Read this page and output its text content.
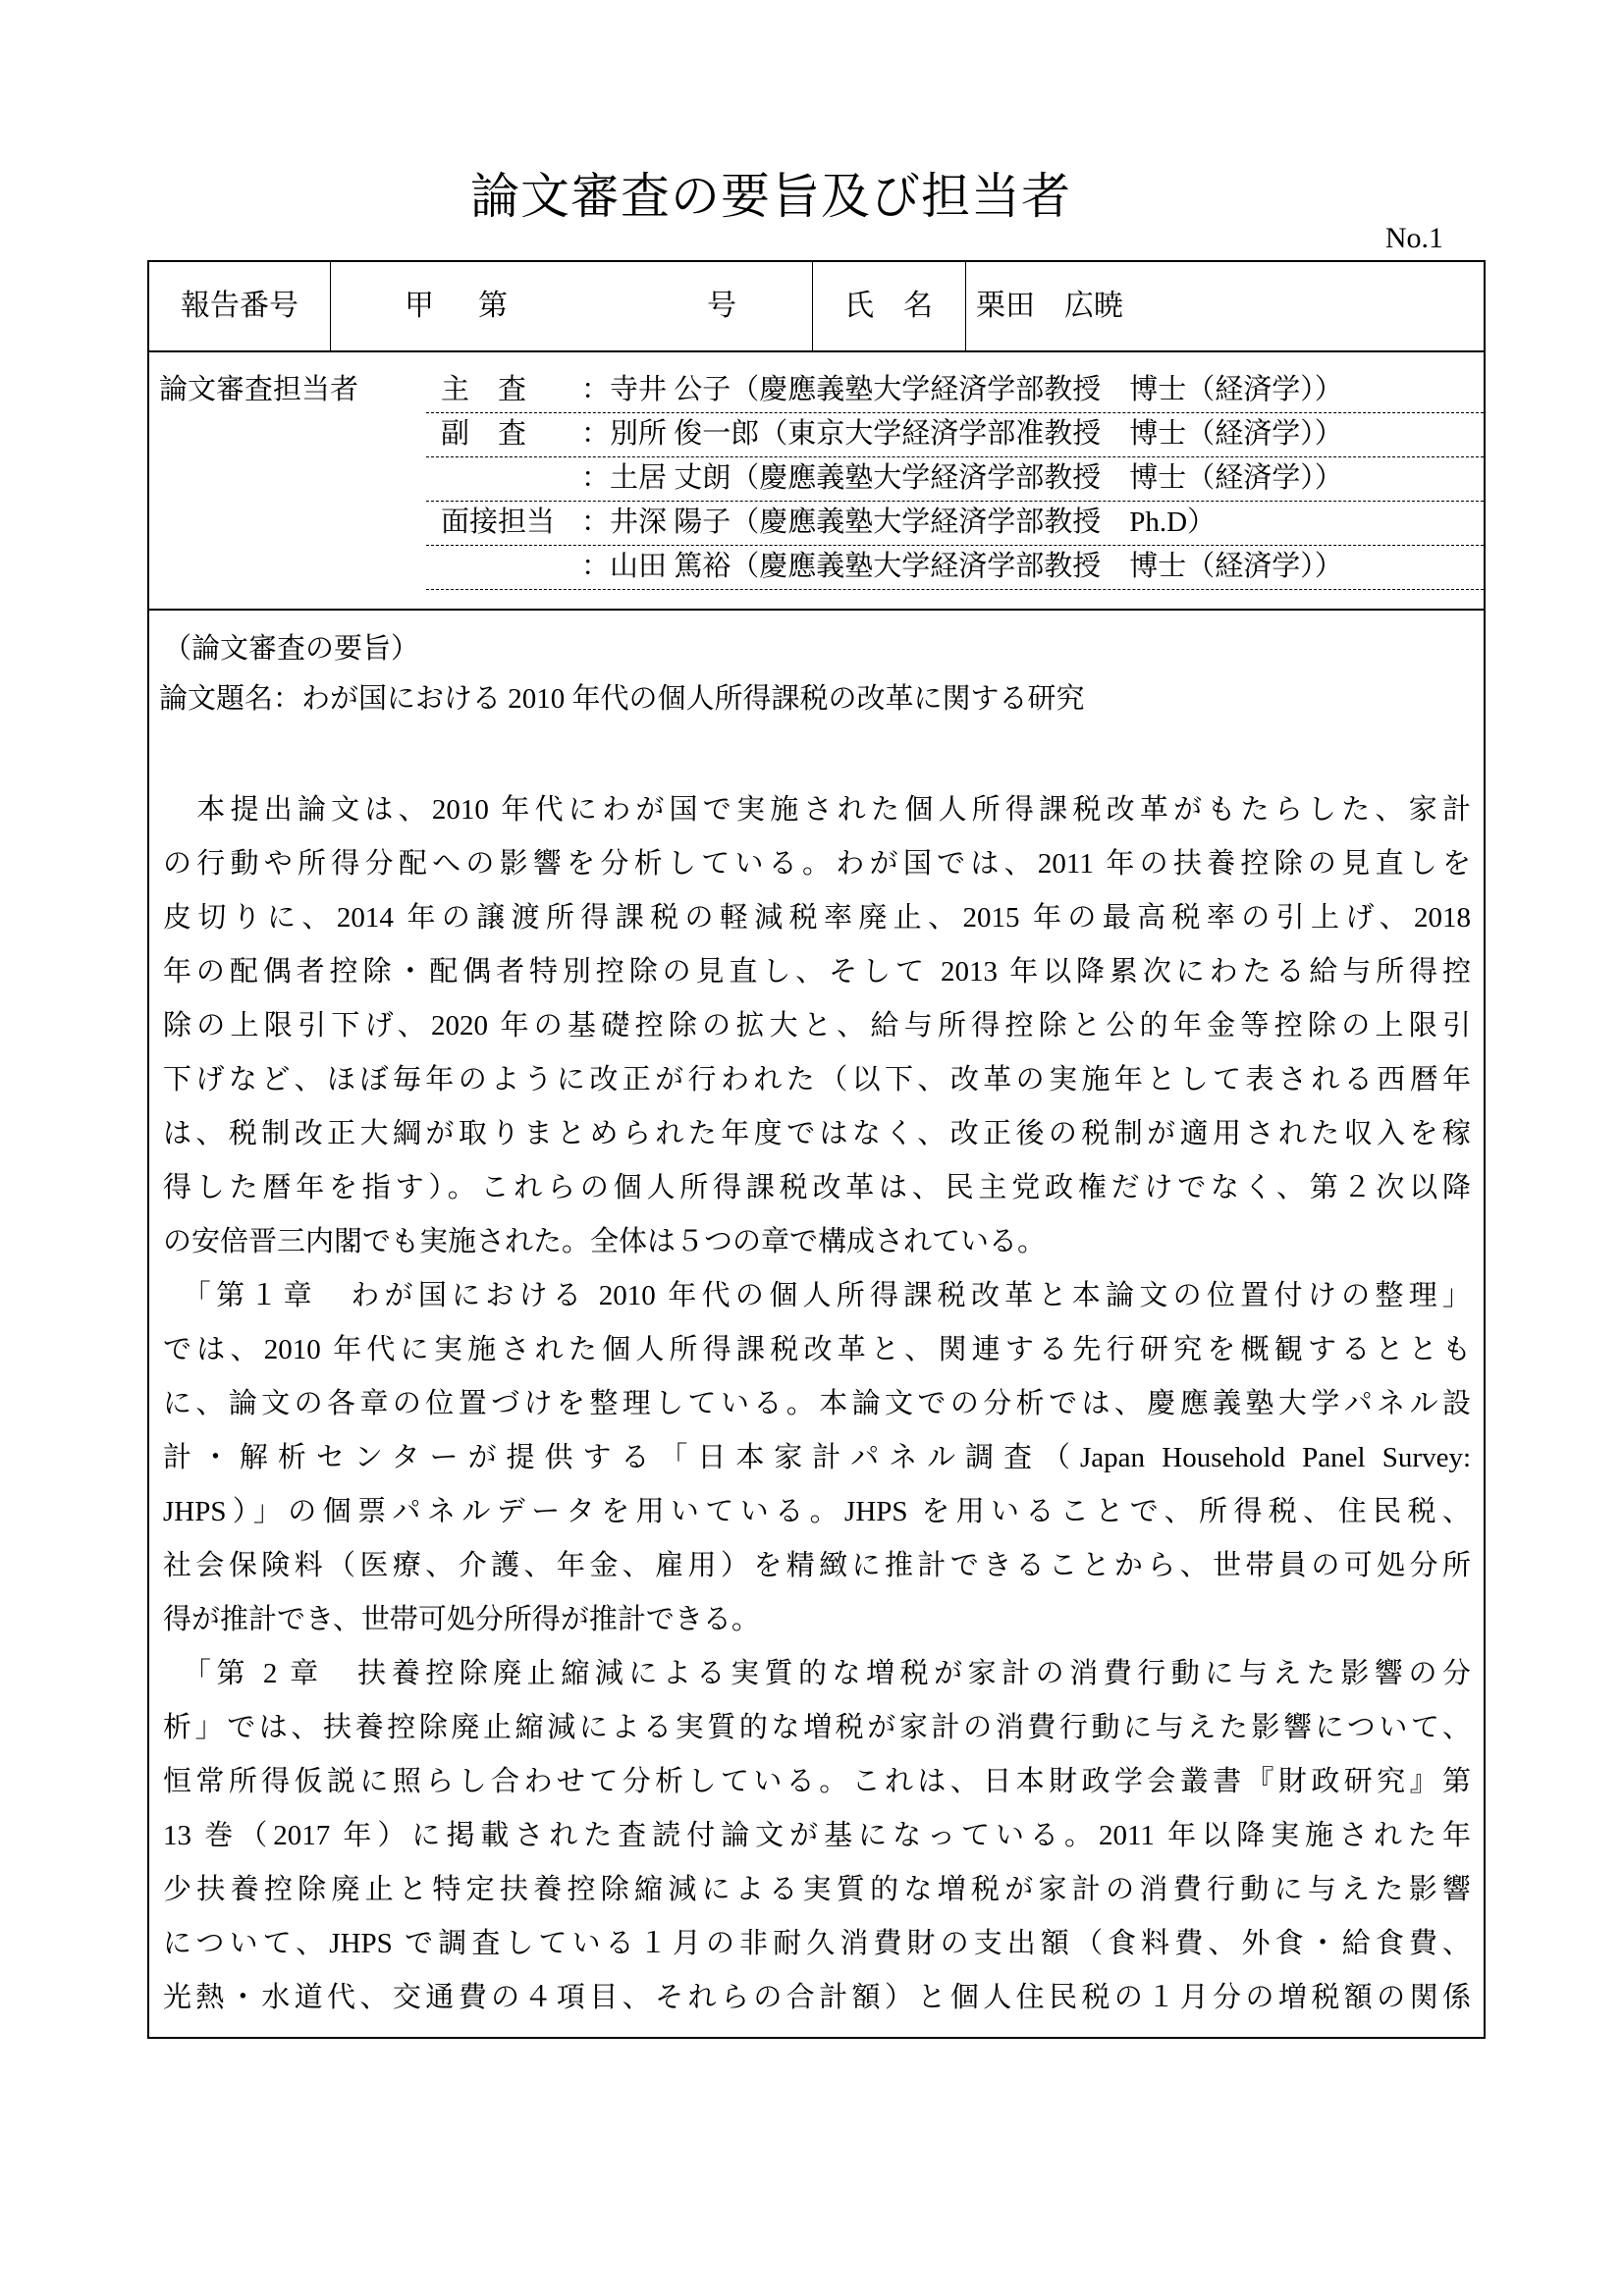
論文審査の要旨及び担当者
No.1
報告番号	甲 第	号	氏　名	栗田　広暁
論文審査担当者	主　査 ：寺井 公子（慶應義塾大学経済学部教授　博士（経済学））
副　査 ：別所 俊一郎（東京大学経済学部准教授　博士（経済学））
：土居 丈朗（慶應義塾大学経済学部教授　博士（経済学））
面接担当 ：井深 陽子（慶應義塾大学経済学部教授　Ph.D）
：山田 篤裕（慶應義塾大学経済学部教授　博士（経済学））
（論文審査の要旨）
論文題名：わが国における 2010 年代の個人所得課税の改革に関する研究
　本提出論文は、2010 年代にわが国で実施された個人所得課税改革がもたらした、家計
の行動や所得分配への影響を分析している。わが国では、2011 年の扶養控除の見直しを
皮切りに、2014 年の譲渡所得課税の軽減税率廃止、2015 年の最高税率の引上げ、2018
年の配偶者控除・配偶者特別控除の見直し、そして 2013 年以降累次にわたる給与所得控
除の上限引下げ、2020 年の基礎控除の拡大と、給与所得控除と公的年金等控除の上限引
下げなど、ほぼ毎年のように改正が行われた（以下、改革の実施年として表される西暦年
は、税制改正大綱が取りまとめられた年度ではなく、改正後の税制が適用された収入を稼
得した暦年を指す）。これらの個人所得課税改革は、民主党政権だけでなく、第２次以降
の安倍晋三内閣でも実施された。全体は５つの章で構成されている。
　「第１章　わが国における 2010 年代の個人所得課税改革と本論文の位置付けの整理」
では、2010 年代に実施された個人所得課税改革と、関連する先行研究を概観するととも
に、論文の各章の位置づけを整理している。本論文での分析では、慶應義塾大学パネル設
計・解析センターが提供する「日本家計パネル調査（Japan Household Panel Survey:
JHPS）」の個票パネルデータを用いている。JHPS を用いることで、所得税、住民税、
社会保険料（医療、介護、年金、雇用）を精緻に推計できることから、世帯員の可処分所
得が推計でき、世帯可処分所得が推計できる。
　「第 2 章　扶養控除廃止縮減による実質的な増税が家計の消費行動に与えた影響の分
析」では、扶養控除廃止縮減による実質的な増税が家計の消費行動に与えた影響について、
恒常所得仮説に照らし合わせて分析している。これは、日本財政学会叢書『財政研究』第
13 巻（2017 年）に掲載された査読付論文が基になっている。2011 年以降実施された年
少扶養控除廃止と特定扶養控除縮減による実質的な増税が家計の消費行動に与えた影響
について、JHPS で調査している１月の非耐久消費財の支出額（食料費、外食・給食費、
光熱・水道代、交通費の４項目、それらの合計額）と個人住民税の１月分の増税額の関係
